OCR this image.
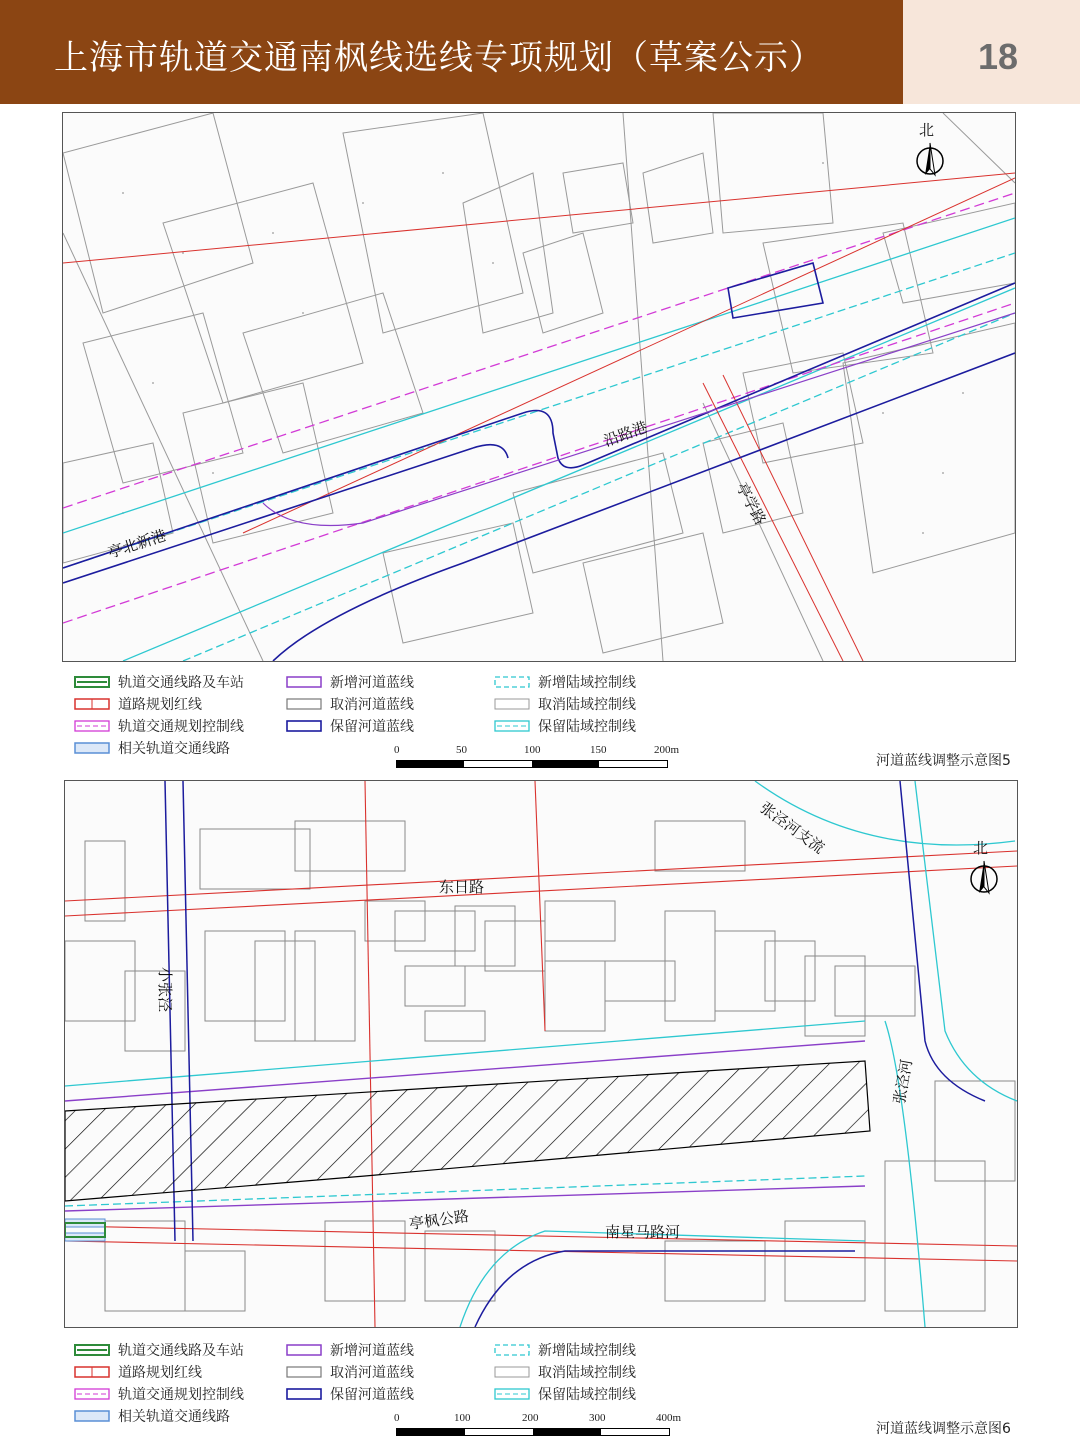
上海市轨道交通南枫线选线专项规划（草案公示）	18
亭北新港
沿路港
亭学路
北
轨道交通线路及车站
道路规划红线
轨道交通规划控制线
相关轨道交通线路
新增河道蓝线
取消河道蓝线
保留河道蓝线
新增陆域控制线
取消陆域控制线
保留陆域控制线
0	50	100	150	200m
河道蓝线调整示意图5
东日路
小张泾
张泾河支流
张泾河
亭枫公路	南星马路河
北
轨道交通线路及车站
道路规划红线
轨道交通规划控制线
相关轨道交通线路
新增河道蓝线
取消河道蓝线
保留河道蓝线
新增陆域控制线
取消陆域控制线
保留陆域控制线
0	100	200	300	400m
河道蓝线调整示意图6
